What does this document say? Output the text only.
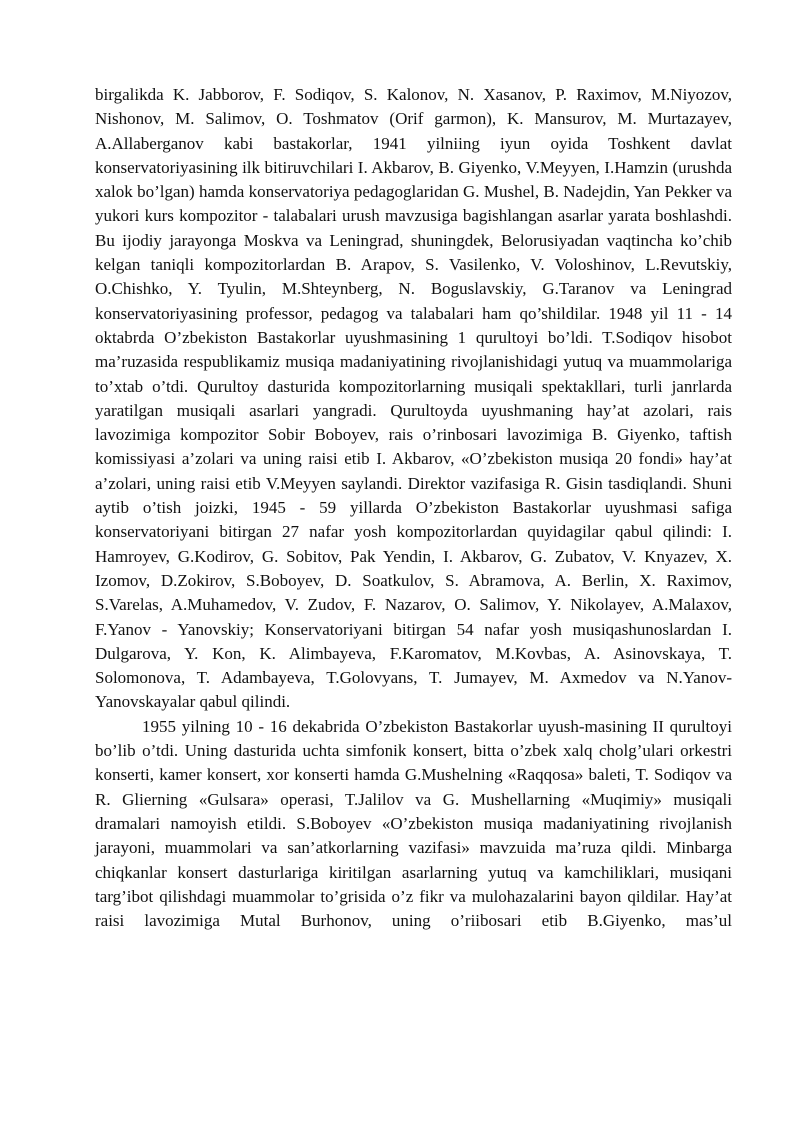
birgalikda K. Jabborov, F. Sodiqov, S. Kalonov, N. Xasanov, P. Raximov, M.Niyozov, Nishonov, M. Salimov, O. Toshmatov (Orif garmon), K. Mansurov, M. Murtazayev, A.Allaberganov kabi bastakorlar, 1941 yilniing iyun oyida Toshkent davlat konservatoriyasining ilk bitiruvchilari I. Akbarov, B. Giyenko, V.Meyyen, I.Hamzin (urushda xalok bo’lgan) hamda konservatoriya pedagoglaridan G. Mushel, B. Nadejdin, Yan Pekker va yukori kurs kompozitor - talabalari urush mavzusiga bagishlangan asarlar yarata boshlashdi. Bu ijodiy jarayonga Moskva va Leningrad, shuningdek, Belorusiyadan vaqtincha ko’chib kelgan taniqli kompozitorlardan B. Arapov, S. Vasilenko, V. Voloshinov, L.Revutskiy, O.Chishko, Y. Tyulin, M.Shteynberg, N. Boguslavskiy, G.Taranov va Leningrad konservatoriyasining professor, pedagog va talabalari ham qo’shildilar. 1948 yil 11 - 14 oktabrda O’zbekiston Bastakorlar uyushmasining 1 qurultoyi bo’ldi. T.Sodiqov hisobot ma’ruzasida respublikamiz musiqa madaniyatining rivojlanishidagi yutuq va muammolariga to’xtab o’tdi. Qurultoy dasturida kompozitorlarning musiqali spektakllari, turli janrlarda yaratilgan musiqali asarlari yangradi. Qurultoyda uyushmaning hay’at azolari, rais lavozimiga kompozitor Sobir Boboyev, rais o’rinbosari lavozimiga B. Giyenko, taftish komissiyasi a’zolari va uning raisi etib I. Akbarov, «O’zbekiston musiqa 20 fondi» hay’at a’zolari, uning raisi etib V.Meyyen saylandi. Direktor vazifasiga R. Gisin tasdiqlandi. Shuni aytib o’tish joizki, 1945 - 59 yillarda O’zbekiston Bastakorlar uyushmasi safiga konservatoriyani bitirgan 27 nafar yosh kompozitorlardan quyidagilar qabul qilindi: I. Hamroyev, G.Kodirov, G. Sobitov, Pak Yendin, I. Akbarov, G. Zubatov, V. Knyazev, X. Izomov, D.Zokirov, S.Boboyev, D. Soatkulov, S. Abramova, A. Berlin, X. Raximov, S.Varelas, A.Muhamedov, V. Zudov, F. Nazarov, O. Salimov, Y. Nikolayev, A.Malaxov, F.Yanov - Yanovskiy; Konservatoriyani bitirgan 54 nafar yosh musiqashunoslardan I. Dulgarova, Y. Kon, K. Alimbayeva, F.Karomatov, M.Kovbas, A. Asinovskaya, T. Solomonova, T. Adambayeva, T.Golovyans, T. Jumayev, M. Axmedov va N.Yanov-Yanovskayalar qabul qilindi.

1955 yilning 10 - 16 dekabrida O’zbekiston Bastakorlar uyush-masining II qurultoyi bo’lib o’tdi. Uning dasturida uchta simfonik konsert, bitta o’zbek xalq cholg’ulari orkestri konserti, kamer konsert, xor konserti hamda G.Mushelning «Raqqosa» baleti, T. Sodiqov va R. Glierning «Gulsara» operasi, T.Jalilov va G. Mushellarning «Muqimiy» musiqali dramalari namoyish etildi. S.Boboyev «O’zbekiston musiqa madaniyatining rivojlanish jarayoni, muammolari va san’atkorlarning vazifasi» mavzuida ma’ruza qildi. Minbarga chiqkanlar konsert dasturlariga kiritilgan asarlarning yutuq va kamchiliklari, musiqani targ’ibot qilishdagi muammolar to’grisida o’z fikr va mulohazalarini bayon qildilar. Hay’at raisi lavozimiga Mutal Burhonov, uning o’riibosari etib B.Giyenko, mas’ul
